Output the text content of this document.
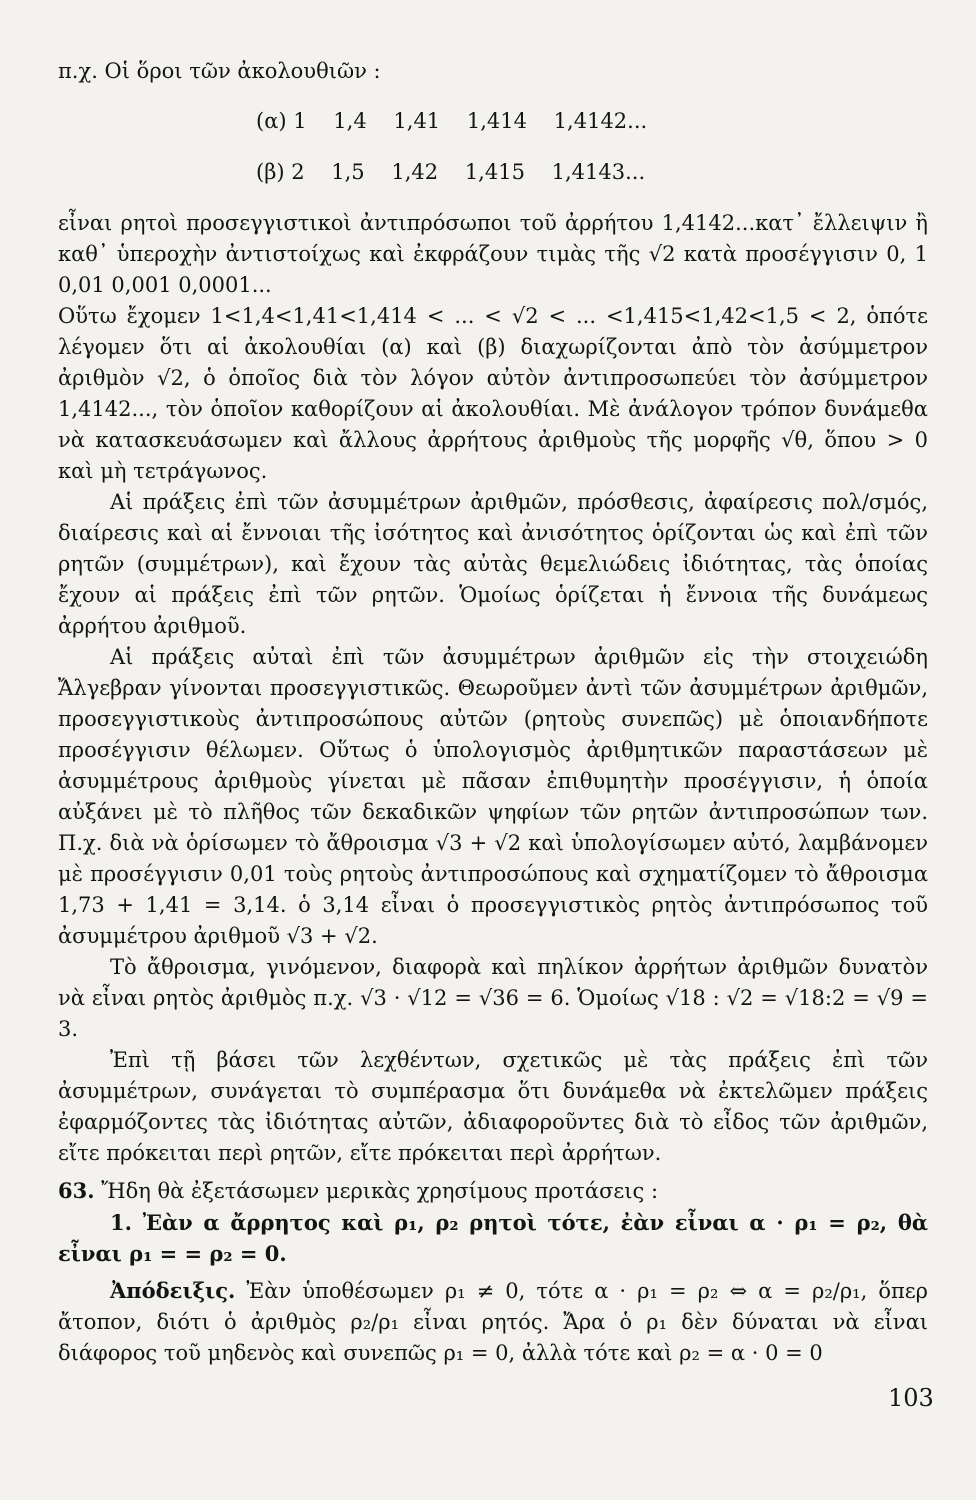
π.χ. Οἱ ὅροι τῶν ἀκολουθιῶν :

(α) 1    1,4    1,41    1,414    1,4142...

(β) 2    1,5    1,42    1,415    1,4143...

εἶναι ρητοὶ προσεγγιστικοὶ ἀντιπρόσωποι τοῦ ἀρρήτου 1,4142...κατ᾽ ἔλλειψιν ἢ καθ᾽ ὑπεροχὴν ἀντιστοίχως καὶ ἐκφράζουν τιμὰς τῆς √2 κατὰ προσέγγισιν 0, 1 0,01 0,001 0,0001...

Οὕτω ἔχομεν 1<1,4<1,41<1,414 < ... < √2 < ... <1,415<1,42<1,5 < 2, ὁπότε λέγομεν ὅτι αἱ ἀκολουθίαι (α) καὶ (β) διαχωρίζονται ἀπὸ τὸν ἀσύμμετρον ἀριθμὸν √2, ὁ ὁποῖος διὰ τὸν λόγον αὐτὸν ἀντιπροσωπεύει τὸν ἀσύμμετρον 1,4142..., τὸν ὁποῖον καθορίζουν αἱ ἀκολουθίαι. Μὲ ἀνάλογον τρόπον δυνάμεθα νὰ κατασκευάσωμεν καὶ ἄλλους ἀρρήτους ἀριθμοὺς τῆς μορφῆς √θ, ὅπου > 0 καὶ μὴ τετράγωνος.

Αἱ πράξεις ἐπὶ τῶν ἀσυμμέτρων ἀριθμῶν, πρόσθεσις, ἀφαίρεσις πολ/σμός, διαίρεσις καὶ αἱ ἔννοιαι τῆς ἰσότητος καὶ ἀνισότητος ὁρίζονται ὡς καὶ ἐπὶ τῶν ρητῶν (συμμέτρων), καὶ ἔχουν τὰς αὐτὰς θεμελιώδεις ἰδιότητας, τὰς ὁποίας ἔχουν αἱ πράξεις ἐπὶ τῶν ρητῶν. Ὁμοίως ὁρίζεται ἡ ἔννοια τῆς δυνάμεως ἀρρήτου ἀριθμοῦ.

Αἱ πράξεις αὐταὶ ἐπὶ τῶν ἀσυμμέτρων ἀριθμῶν εἰς τὴν στοιχειώδη Ἄλγεβραν γίνονται προσεγγιστικῶς. Θεωροῦμεν ἀντὶ τῶν ἀσυμμέτρων ἀριθμῶν, προσεγγιστικοὺς ἀντιπροσώπους αὐτῶν (ρητοὺς συνεπῶς) μὲ ὁποιανδήποτε προσέγγισιν θέλωμεν. Οὕτως ὁ ὑπολογισμὸς ἀριθμητικῶν παραστάσεων μὲ ἀσυμμέτρους ἀριθμοὺς γίνεται μὲ πᾶσαν ἐπιθυμητὴν προσέγγισιν, ἡ ὁποία αὐξάνει μὲ τὸ πλῆθος τῶν δεκαδικῶν ψηφίων τῶν ρητῶν ἀντιπροσώπων των. Π.χ. διὰ νὰ ὁρίσωμεν τὸ ἄθροισμα √3 + √2 καὶ ὑπολογίσωμεν αὐτό, λαμβάνομεν μὲ προσέγγισιν 0,01 τοὺς ρητοὺς ἀντιπροσώπους καὶ σχηματίζομεν τὸ ἄθροισμα 1,73 + 1,41 = 3,14. ὁ 3,14 εἶναι ὁ προσεγγιστικὸς ρητὸς ἀντιπρόσωπος τοῦ ἀσυμμέτρου ἀριθμοῦ √3 + √2.

Τὸ ἄθροισμα, γινόμενον, διαφορὰ καὶ πηλίκον ἀρρήτων ἀριθμῶν δυνατὸν νὰ εἶναι ρητὸς ἀριθμὸς π.χ. √3 · √12 = √36 = 6. Ὁμοίως √18 : √2 = √18:2 = √9 = 3.

Ἐπὶ τῇ βάσει τῶν λεχθέντων, σχετικῶς μὲ τὰς πράξεις ἐπὶ τῶν ἀσυμμέτρων, συνάγεται τὸ συμπέρασμα ὅτι δυνάμεθα νὰ ἐκτελῶμεν πράξεις ἐφαρμόζοντες τὰς ἰδιότητας αὐτῶν, ἀδιαφοροῦντες διὰ τὸ εἶδος τῶν ἀριθμῶν, εἴτε πρόκειται περὶ ρητῶν, εἴτε πρόκειται περὶ ἀρρήτων.

63. Ἤδη θὰ ἐξετάσωμεν μερικὰς χρησίμους προτάσεις :

1. Ἐὰν α ἄρρητος καὶ ρ₁, ρ₂ ρητοὶ τότε, ἐὰν εἶναι α · ρ₁ = ρ₂, θὰ εἶναι ρ₁ = = ρ₂ = 0.

Ἀπόδειξις. Ἐὰν ὑποθέσωμεν ρ₁ ≠ 0, τότε α · ρ₁ = ρ₂ ⇔ α = ρ₂/ρ₁, ὅπερ ἄτοπον, διότι ὁ ἀριθμὸς ρ₂/ρ₁ εἶναι ρητός. Ἄρα ὁ ρ₁ δὲν δύναται νὰ εἶναι διάφορος τοῦ μηδενὸς καὶ συνεπῶς ρ₁ = 0, ἀλλὰ τότε καὶ ρ₂ = α · 0 = 0

103
